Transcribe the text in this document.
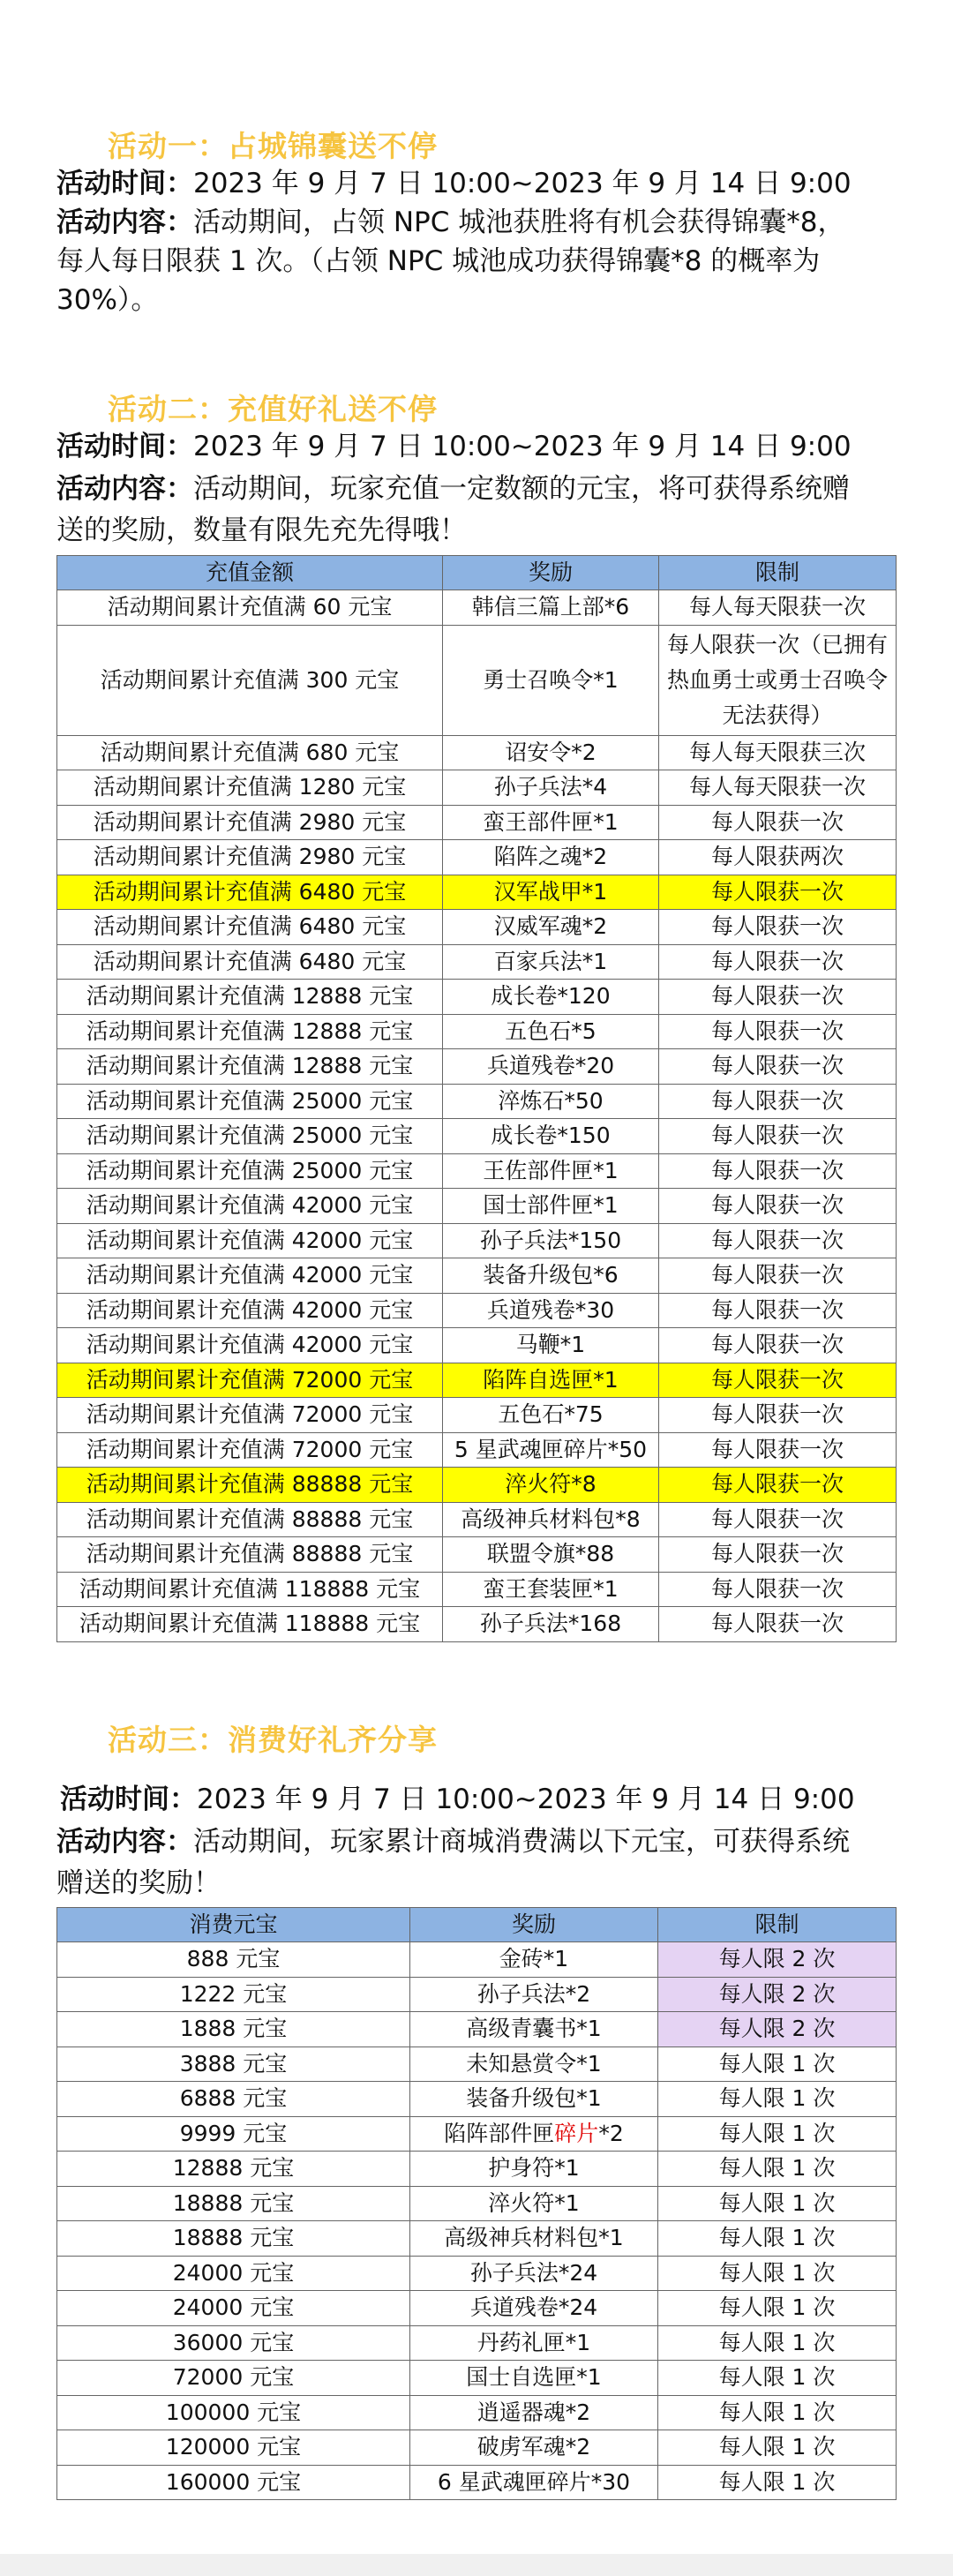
活动一：占城锦囊送不停
活动时间：2023 年 9 月 7 日 10:00~2023 年 9 月 14 日 9:00
活动内容：活动期间，占领 NPC 城池获胜将有机会获得锦囊*8，
每人每日限获 1 次。（占领 NPC 城池成功获得锦囊*8 的概率为
30%）。
活动二：充值好礼送不停
活动时间：2023 年 9 月 7 日 10:00~2023 年 9 月 14 日 9:00
活动内容：活动期间，玩家充值一定数额的元宝，将可获得系统赠
送的奖励，数量有限先充先得哦！
充值金额	奖励	限制
活动期间累计充值满 60 元宝	韩信三篇上部*6	每人每天限获一次
活动期间累计充值满 300 元宝	勇士召唤令*1	每人限获一次（已拥有
热血勇士或勇士召唤令
无法获得）
活动期间累计充值满 680 元宝	诏安令*2	每人每天限获三次
活动期间累计充值满 1280 元宝	孙子兵法*4	每人每天限获一次
活动期间累计充值满 2980 元宝	蛮王部件匣*1	每人限获一次
活动期间累计充值满 2980 元宝	陷阵之魂*2	每人限获两次
活动期间累计充值满 6480 元宝	汉军战甲*1	每人限获一次
活动期间累计充值满 6480 元宝	汉威军魂*2	每人限获一次
活动期间累计充值满 6480 元宝	百家兵法*1	每人限获一次
活动期间累计充值满 12888 元宝	成长卷*120	每人限获一次
活动期间累计充值满 12888 元宝	五色石*5	每人限获一次
活动期间累计充值满 12888 元宝	兵道残卷*20	每人限获一次
活动期间累计充值满 25000 元宝	淬炼石*50	每人限获一次
活动期间累计充值满 25000 元宝	成长卷*150	每人限获一次
活动期间累计充值满 25000 元宝	王佐部件匣*1	每人限获一次
活动期间累计充值满 42000 元宝	国士部件匣*1	每人限获一次
活动期间累计充值满 42000 元宝	孙子兵法*150	每人限获一次
活动期间累计充值满 42000 元宝	装备升级包*6	每人限获一次
活动期间累计充值满 42000 元宝	兵道残卷*30	每人限获一次
活动期间累计充值满 42000 元宝	马鞭*1	每人限获一次
活动期间累计充值满 72000 元宝	陷阵自选匣*1	每人限获一次
活动期间累计充值满 72000 元宝	五色石*75	每人限获一次
活动期间累计充值满 72000 元宝	5 星武魂匣碎片*50	每人限获一次
活动期间累计充值满 88888 元宝	淬火符*8	每人限获一次
活动期间累计充值满 88888 元宝	高级神兵材料包*8	每人限获一次
活动期间累计充值满 88888 元宝	联盟令旗*88	每人限获一次
活动期间累计充值满 118888 元宝	蛮王套装匣*1	每人限获一次
活动期间累计充值满 118888 元宝	孙子兵法*168	每人限获一次
活动三：消费好礼齐分享
活动时间：2023 年 9 月 7 日 10:00~2023 年 9 月 14 日 9:00
活动内容：活动期间，玩家累计商城消费满以下元宝，可获得系统
赠送的奖励！
消费元宝	奖励	限制
888 元宝	金砖*1	每人限 2 次
1222 元宝	孙子兵法*2	每人限 2 次
1888 元宝	高级青囊书*1	每人限 2 次
3888 元宝	未知悬赏令*1	每人限 1 次
6888 元宝	装备升级包*1	每人限 1 次
9999 元宝	陷阵部件匣碎片*2	每人限 1 次
12888 元宝	护身符*1	每人限 1 次
18888 元宝	淬火符*1	每人限 1 次
18888 元宝	高级神兵材料包*1	每人限 1 次
24000 元宝	孙子兵法*24	每人限 1 次
24000 元宝	兵道残卷*24	每人限 1 次
36000 元宝	丹药礼匣*1	每人限 1 次
72000 元宝	国士自选匣*1	每人限 1 次
100000 元宝	逍遥器魂*2	每人限 1 次
120000 元宝	破虏军魂*2	每人限 1 次
160000 元宝	6 星武魂匣碎片*30	每人限 1 次
